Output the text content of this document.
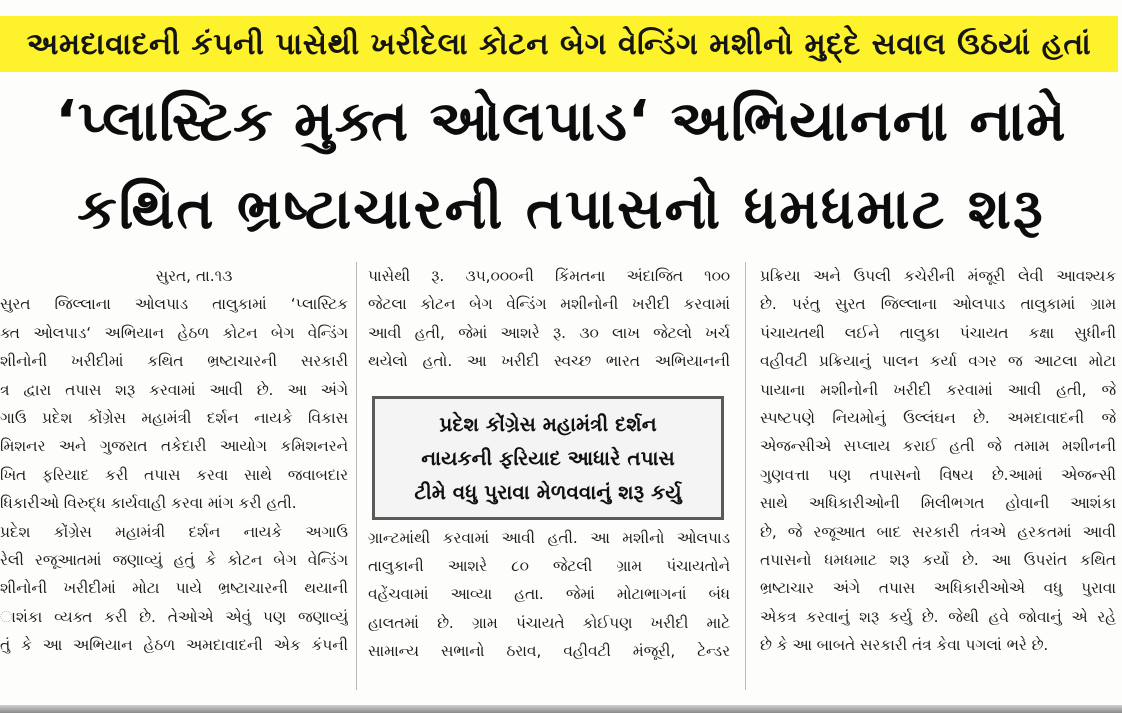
અમદાવાદની કંપની પાસેથી ખરીદેલા કોટન બેગ વેન્ડિંગ મશીનો મુદ્દે સવાલ ઉઠયાં હતાં
‘પ્લાસ્ટિક મુક્ત ઓલપાડ‘ અભિયાનના નામે
કથિત ભ્રષ્ટાચારની તપાસનો ધમધમાટ શરૂ
સુરત, તા.૧૩
સુરત જિલ્લાના ઓલપાડ તાલુકામાં ‘પ્લાસ્ટિક
ક્ત ઓલપાડ‘ અભિયાન હેઠળ કોટન બેગ વેન્ડિંગ
શીનોની ખરીદીમાં કથિત ભ્રષ્ટાચારની સરકારી
ત્ર દ્વારા તપાસ શરૂ કરવામાં આવી છે. આ અંગે
ગાઉ પ્રદેશ કોંગ્રેસ મહામંત્રી દર્શન નાયકે વિકાસ
મિશનર અને ગુજરાત તકેદારી આયોગ કમિશનરને
ખિત ફરિયાદ કરી તપાસ કરવા સાથે જવાબદાર
ધિકારીઓ વિરુદ્ધ કાર્યવાહી કરવા માંગ કરી હતી.
પ્રદેશ કોંગ્રેસ મહામંત્રી દર્શન નાયકે અગાઉ
રેલી રજૂઆતમાં જણાવ્યું હતું કે કોટન બેગ વેન્ડિંગ
શીનોની ખરીદીમાં મોટા પાયે ભ્રષ્ટાચારની થયાની
ાશંકા વ્યક્ત કરી છે. તેઓએ એવું પણ જણાવ્યું
તું કે આ અભિયાન હેઠળ અમદાવાદની એક કંપની
પાસેથી રૂ. ૩૫,૦૦૦ની કિંમતના અંદાજિત ૧૦૦
જેટલા કોટન બેગ વેન્ડિંગ મશીનોની ખરીદી કરવામાં
આવી હતી, જેમાં આશરે રૂ. ૩૦ લાખ જેટલો ખર્ચ
થયેલો હતો. આ ખરીદી સ્વચ્છ ભારત અભિયાનની
ગ્રાન્ટમાંથી કરવામાં આવી હતી. આ મશીનો ઓલપાડ
તાલુકાની આશરે ૮૦ જેટલી ગ્રામ પંચાયતોને
વહેંચવામાં આવ્યા હતા. જેમાં મોટાભાગનાં બંધ
હાલતમાં છે. ગ્રામ પંચાયતે કોઈપણ ખરીદી માટે
સામાન્ય સભાનો ઠરાવ, વહીવટી મંજૂરી, ટેન્ડર
પ્રદેશ કોંગ્રેસ મહામંત્રી દર્શન
નાયકની ફરિયાદ આધારે તપાસ
ટીમે વધુ પુરાવા મેળવવાનું શરૂ કર્યુ
પ્રક્રિયા અને ઉપલી કચેરીની મંજૂરી લેવી આવશ્યક
છે. પરંતુ સુરત જિલ્લાના ઓલપાડ તાલુકામાં ગ્રામ
પંચાયતથી લઈને તાલુકા પંચાયત કક્ષા સુધીની
વહીવટી પ્રક્રિયાનું પાલન કર્યા વગર જ આટલા મોટા
પાયાના મશીનોની ખરીદી કરવામાં આવી હતી, જે
સ્પષ્ટપણે નિયમોનું ઉલ્લંઘન છે. અમદાવાદની જે
એજન્સીએ સપ્લાય કરાઈ હતી જે તમામ મશીનની
ગુણવત્તા પણ તપાસનો વિષય છે.આમાં એજન્સી
સાથે અધિકારીઓની મિલીભગત હોવાની આશંકા
છે, જે રજૂઆત બાદ સરકારી તંત્રએ હરકતમાં આવી
તપાસનો ધમધમાટ શરૂ કર્યો છે. આ ઉપરાંત કથિત
ભ્રષ્ટાચાર અંગે તપાસ અધિકારીઓએ વધુ પુરાવા
એકત્ર કરવાનું શરૂ કર્યુ છે. જેથી હવે જોવાનું એ રહે
છે કે આ બાબતે સરકારી તંત્ર કેવા પગલાં ભરે છે.
